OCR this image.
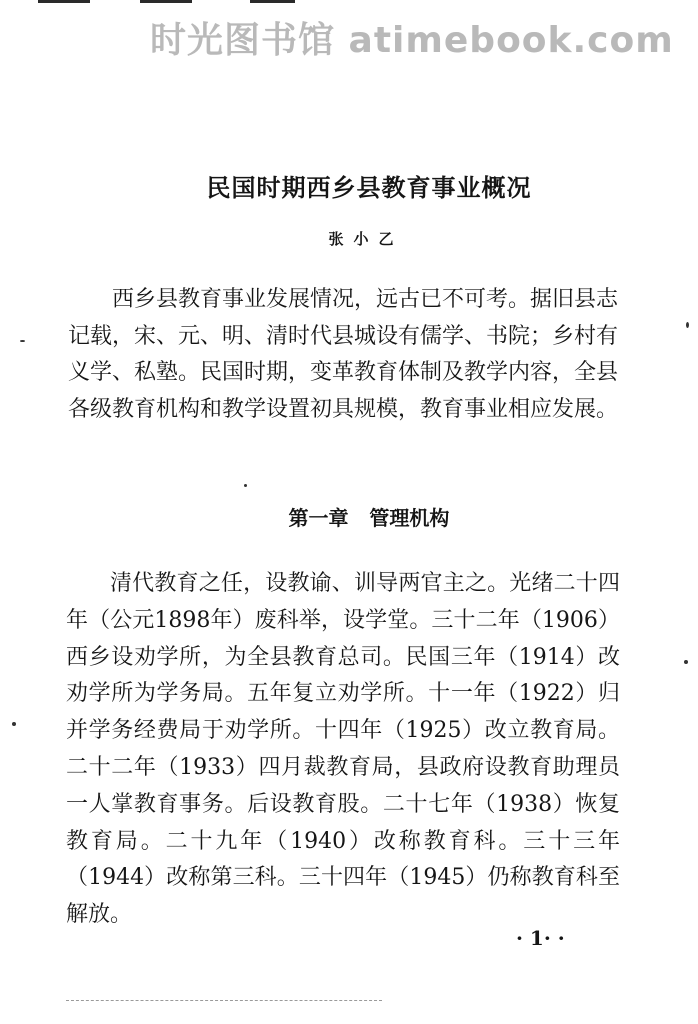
时光图书馆 atimebook.com
民国时期西乡县教育事业概况
张小乙

西乡县教育事业发展情况，远古已不可考。据旧县志记载，宋、元、明、清时代县城设有儒学、书院；乡村有义学、私塾。民国时期，变革教育体制及教学内容，全县各级教育机构和教学设置初具规模，教育事业相应发展。

第一章   管理机构

清代教育之任，设教谕、训导两官主之。光绪二十四年（公元1898年）废科举，设学堂。三十二年（1906）西乡设劝学所，为全县教育总司。民国三年（1914）改劝学所为学务局。五年复立劝学所。十一年（1922）归并学务经费局于劝学所。十四年（1925）改立教育局。二十二年（1933）四月裁教育局，县政府设教育助理员一人掌教育事务。后设教育股。二十七年（1938）恢复教育局。二十九年（1940）改称教育科。三十三年（1944）改称第三科。三十四年（1945）仍称教育科至解放。

· 1· ·
